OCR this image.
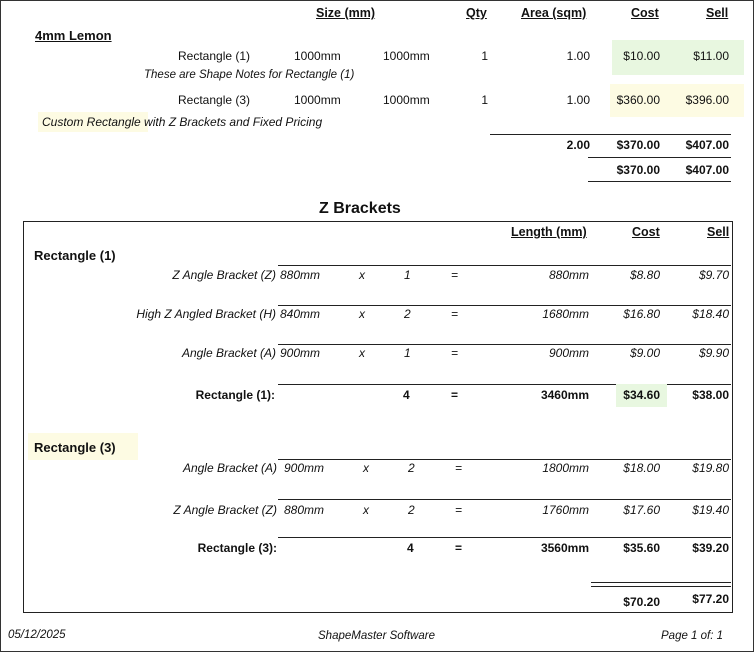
Size (mm)	Qty	Area (sqm)	Cost	Sell
4mm Lemon
Rectangle (1)	1000mm	1000mm	1	1.00	$10.00	$11.00
These are Shape Notes for Rectangle (1)
Rectangle (3)	1000mm	1000mm	1	1.00	$360.00	$396.00
Custom Rectangle with Z Brackets and Fixed Pricing
2.00	$370.00	$407.00
$370.00	$407.00
Z Brackets
Length (mm)	Cost	Sell
Rectangle (1)
Z Angle Bracket (Z) 880mm	x	1	=	880mm	$8.80	$9.70
High Z Angled Bracket (H) 840mm	x	2	=	1680mm	$16.80	$18.40
Angle Bracket (A) 900mm	x	1	=	900mm	$9.00	$9.90
Rectangle (1):	4	=	3460mm	$34.60	$38.00
Rectangle (3)
Angle Bracket (A) 900mm	x	2	=	1800mm	$18.00	$19.80
Z Angle Bracket (Z) 880mm	x	2	=	1760mm	$17.60	$19.40
Rectangle (3):	4	=	3560mm	$35.60	$39.20
$70.20	$77.20
05/12/2025	ShapeMaster Software	Page 1 of: 1
